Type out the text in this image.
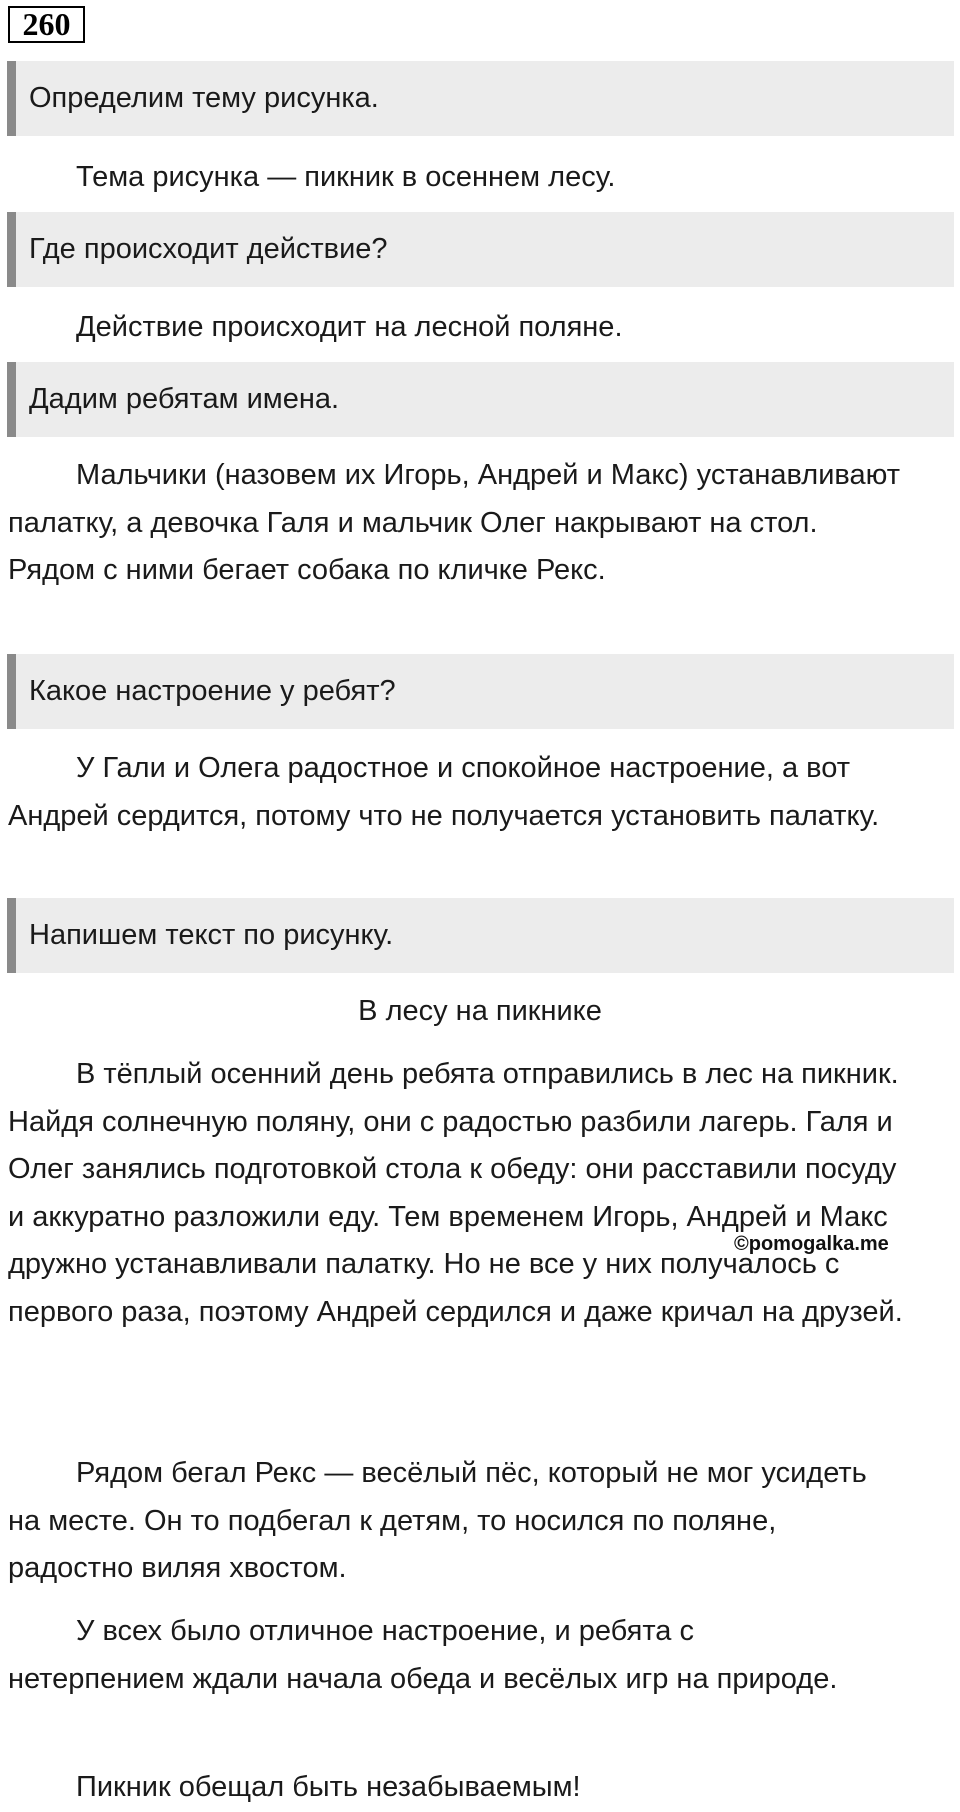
260
Определим тему рисунка.

Тема рисунка — пикник в осеннем лесу.

Где происходит действие?

Действие происходит на лесной поляне.

Дадим ребятам имена.

Мальчики (назовем их Игорь, Андрей и Макс) устанавливают палатку, а девочка Галя и мальчик Олег накрывают на стол. Рядом с ними бегает собака по кличке Рекс.

Какое настроение у ребят?

У Гали и Олега радостное и спокойное настроение, а вот Андрей сердится, потому что не получается установить палатку.

Напишем текст по рисунку.

В лесу на пикнике

В тёплый осенний день ребята отправились в лес на пикник. Найдя солнечную поляну, они с радостью разбили лагерь. Галя и Олег занялись подготовкой стола к обеду: они расставили посуду и аккуратно разложили еду. Тем временем Игорь, Андрей и Макс дружно устанавливали палатку. Но не все у них получалось с первого раза, поэтому Андрей сердился и даже кричал на друзей.

Рядом бегал Рекс — весёлый пёс, который не мог усидеть на месте. Он то подбегал к детям, то носился по поляне, радостно виляя хвостом.

У всех было отличное настроение, и ребята с нетерпением ждали начала обеда и весёлых игр на природе.

Пикник обещал быть незабываемым!

©pomogalka.me
